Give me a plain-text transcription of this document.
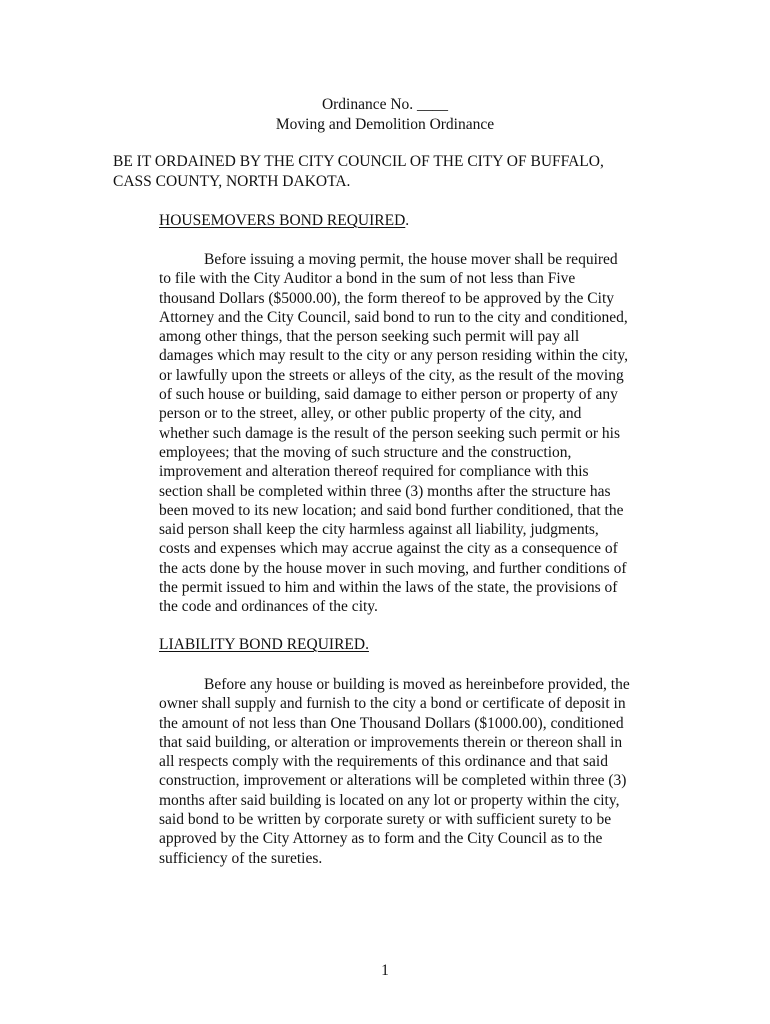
Ordinance No. ____
Moving and Demolition Ordinance
BE IT ORDAINED BY THE CITY COUNCIL OF THE CITY OF BUFFALO,
CASS COUNTY, NORTH DAKOTA.
HOUSEMOVERS BOND REQUIRED.
Before issuing a moving permit, the house mover shall be required
to file with the City Auditor a bond in the sum of not less than Five
thousand Dollars ($5000.00), the form thereof to be approved by the City
Attorney and the City Council, said bond to run to the city and conditioned,
among other things, that the person seeking such permit will pay all
damages which may result to the city or any person residing within the city,
or lawfully upon the streets or alleys of the city, as the result of the moving
of such house or building, said damage to either person or property of any
person or to the street, alley, or other public property of the city, and
whether such damage is the result of the person seeking such permit or his
employees; that the moving of such structure and the construction,
improvement and alteration thereof required for compliance with this
section shall be completed within three (3) months after the structure has
been moved to its new location; and said bond further conditioned, that the
said person shall keep the city harmless against all liability, judgments,
costs and expenses which may accrue against the city as a consequence of
the acts done by the house mover in such moving, and further conditions of
the permit issued to him and within the laws of the state, the provisions of
the code and ordinances of the city.
LIABILITY BOND REQUIRED.
Before any house or building is moved as hereinbefore provided, the
owner shall supply and furnish to the city a bond or certificate of deposit in
the amount of not less than One Thousand Dollars ($1000.00), conditioned
that said building, or alteration or improvements therein or thereon shall in
all respects comply with the requirements of this ordinance and that said
construction, improvement or alterations will be completed within three (3)
months after said building is located on any lot or property within the city,
said bond to be written by corporate surety or with sufficient surety to be
approved by the City Attorney as to form and the City Council as to the
sufficiency of the sureties.
1
